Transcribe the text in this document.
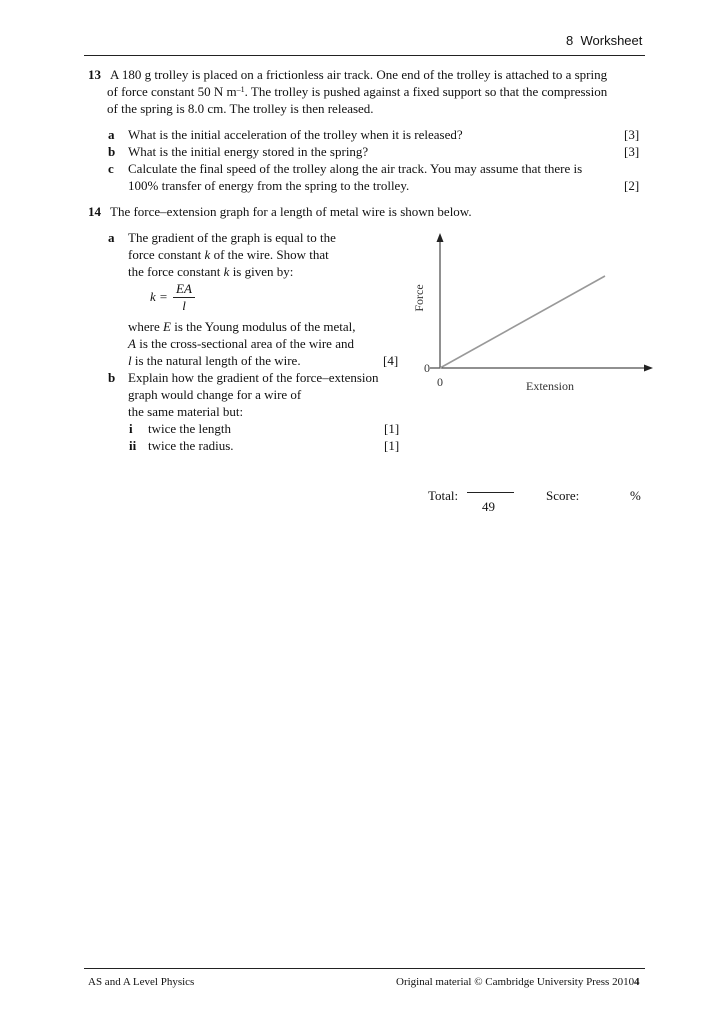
8 Worksheet
13 A 180 g trolley is placed on a frictionless air track. One end of the trolley is attached to a spring
of force constant 50 N $m^{-1}$. The trolley is pushed against a fixed support so that the compression
of the spring is 8.0 cm. The trolley is then released.
a What is the initial acceleration of the trolley when it is released?	[3]
b What is the initial energy stored in the spring?	[3]
c Calculate the final speed of the trolley along the air track. You may assume that there is
100% transfer of energy from the spring to the trolley.	[2]
14 The force–extension graph for a length of metal wire is shown below.
a The gradient of the graph is equal to the
force constant k of the wire. Show that
the force constant k is given by:
k =
EA
l
where E is the Young modulus of the metal,
A is the cross-sectional area of the wire and
l is the natural length of the wire.	[4]
b Explain how the gradient of the force–extension
graph would change for a wire of
the same material but:
i twice the length	[1]
ii twice the radius.	[1]
Force
Extension
0
0
Total:
49
Score:	%
AS and A Level Physics	Original material © Cambridge University Press 2010 4
